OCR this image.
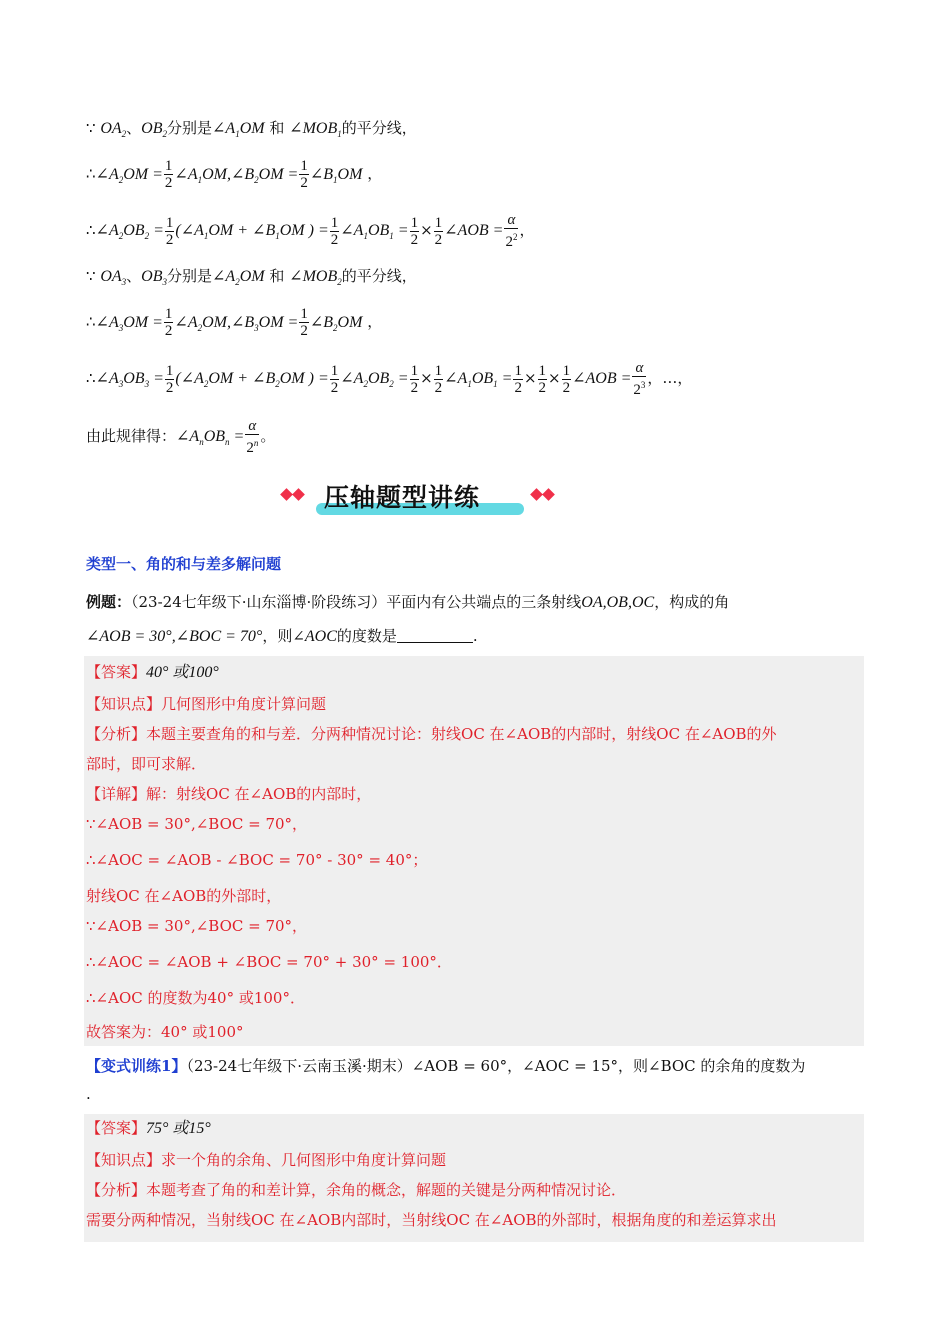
∵ $OA_2$、$OB_2$分别是$\angle A_1OM$ 和 $\angle MOB_1$的平分线，
$\therefore\angle A_2OM = \frac{1}{2}$ $\angle A_1OM,\angle B_2OM = \frac{1}{2}$ $\angle B_1OM$ ，
$\therefore\angle A_2OB_2 = \frac{1}{2}$ ($\angle A_1OM$ + $\angle B_1OM$ ) = $\frac{1}{2}$ $\angle A_1OB_1 = \frac{1}{2} \times \frac{1}{2}$ ∠AOB = $\frac{\alpha}{2^2}$ ，
∵ $OA_3$、$OB_3$分别是$\angle A_2OM$ 和 $\angle MOB_2$的平分线，
$\therefore\angle A_3OM = \frac{1}{2}$ $\angle A_2OM,\angle B_3OM = \frac{1}{2}$ $\angle B_2OM$ ，
$\therefore\angle A_3OB_3 = \frac{1}{2}$ ($\angle A_2OM$ + $\angle B_2OM$ ) = $\frac{1}{2}$ $\angle A_2OB_2 = \frac{1}{2} \times \frac{1}{2}$ $\angle A_1OB_1 = \frac{1}{2} \times \frac{1}{2} \times \frac{1}{2}$ ∠AOB = $\frac{\alpha}{2^3}$ ，…，
由此规律得：$\angle A_nOB_n = \frac{\alpha}{2^n}$ 。
压轴题型讲练
类型一、角的和与差多解问题
例题：（23-24七年级下·山东淄博·阶段练习）平面内有公共端点的三条射线OA,OB,OC，构成的角
∠AOB = 30°,∠BOC = 70°，则∠AOC的度数是	.
【答案】40° 或100°
【知识点】几何图形中角度计算问题
【分析】本题主要查角的和与差．分两种情况讨论：射线OC 在∠AOB的内部时，射线OC 在∠AOB的外
部时，即可求解．
【详解】解：射线OC 在∠AOB的内部时，
∵∠AOB = 30°,∠BOC = 70°，
∴∠AOC = ∠AOB - ∠BOC = 70° - 30° = 40°；
射线OC 在∠AOB的外部时，
∵∠AOB = 30°,∠BOC = 70°，
∴∠AOC = ∠AOB + ∠BOC = 70° + 30° = 100°．
∴∠AOC 的度数为40° 或100°．
故答案为：40° 或100°
【变式训练1】（23-24七年级下·云南玉溪·期末）∠AOB = 60°，∠AOC = 15°，则∠BOC 的余角的度数为
.
【答案】75° 或15°
【知识点】求一个角的余角、几何图形中角度计算问题
【分析】本题考查了角的和差计算，余角的概念，解题的关键是分两种情况讨论．
需要分两种情况，当射线OC 在∠AOB内部时，当射线OC 在∠AOB的外部时，根据角度的和差运算求出
